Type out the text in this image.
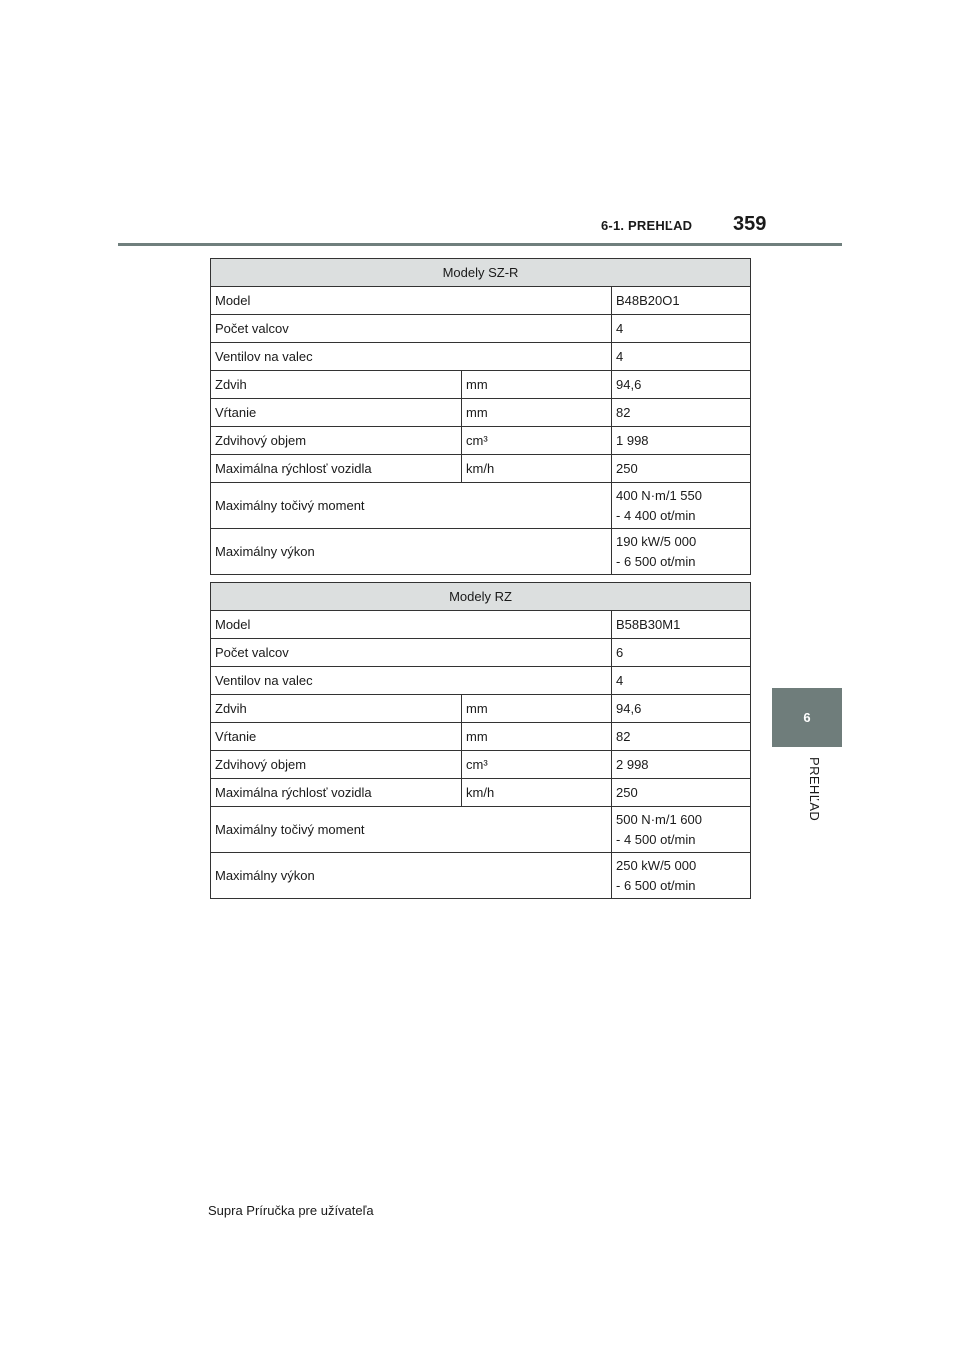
6-1. PREHĽAD 359
6
PREHĽAD
Modely SZ-R		
Model		B48B20O1
Počet valcov		4
Ventilov na valec		4
Zdvih	mm	94,6
Vŕtanie	mm	82
Zdvihový objem	cm³	1 998
Maximálna rýchlosť vozidla	km/h	250
Maximálny točivý moment		400 N·m/1 550
- 4 400 ot/min
Maximálny výkon		190 kW/5 000
- 6 500 ot/min
Modely RZ		
Model		B58B30M1
Počet valcov		6
Ventilov na valec		4
Zdvih	mm	94,6
Vŕtanie	mm	82
Zdvihový objem	cm³	2 998
Maximálna rýchlosť vozidla	km/h	250
Maximálny točivý moment		500 N·m/1 600
- 4 500 ot/min
Maximálny výkon		250 kW/5 000
- 6 500 ot/min
Supra Príručka pre užívateľa
